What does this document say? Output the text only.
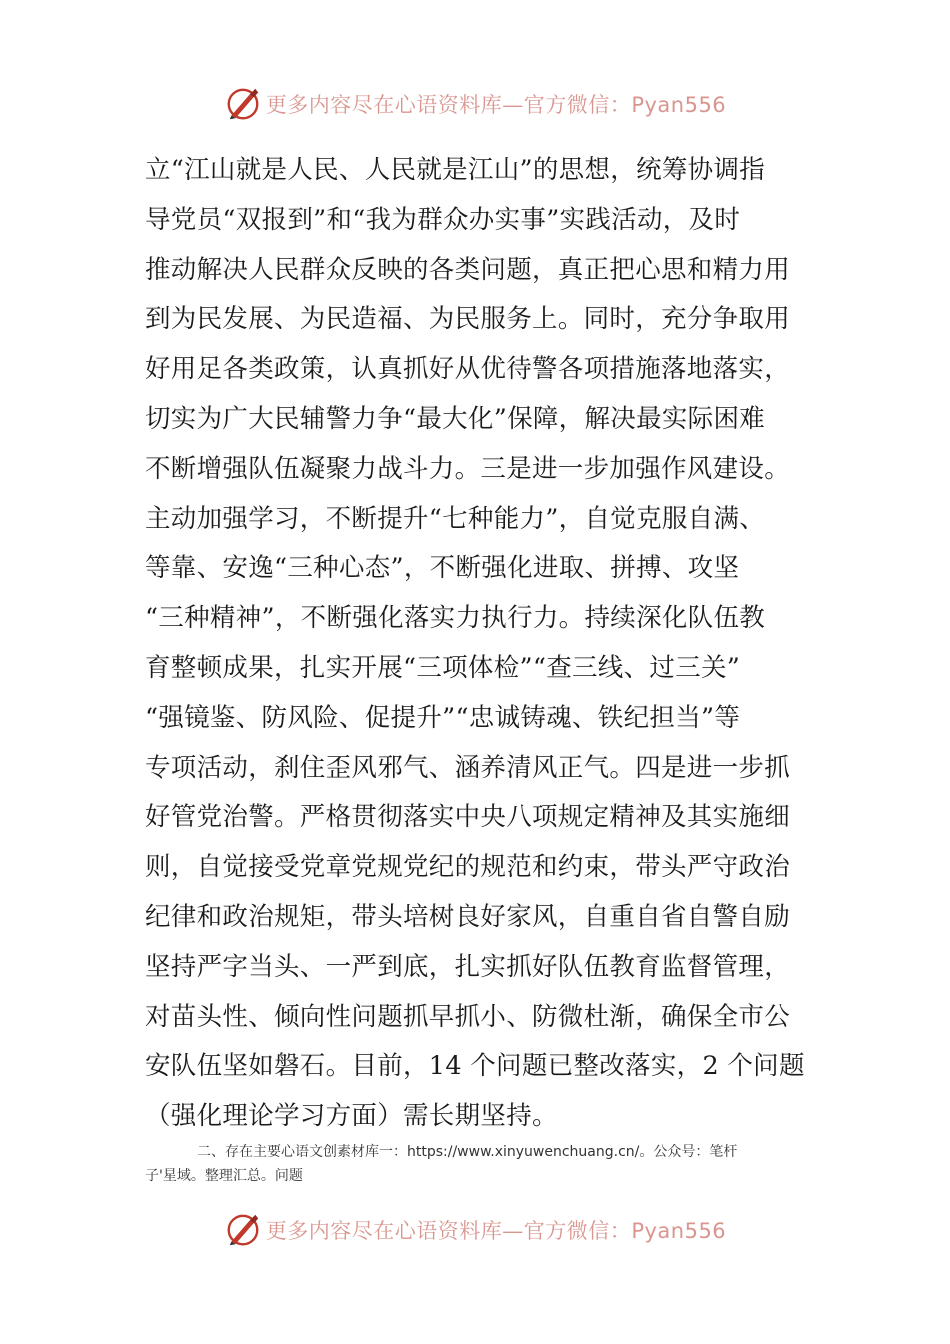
更多内容尽在心语资料库—官方微信：Pyan556
立“江山就是人民、人民就是江山”的思想，统筹协调指
导党员“双报到”和“我为群众办实事”实践活动，及时
推动解决人民群众反映的各类问题，真正把心思和精力用
到为民发展、为民造福、为民服务上。同时，充分争取用
好用足各类政策，认真抓好从优待警各项措施落地落实，
切实为广大民辅警力争“最大化”保障，解决最实际困难
不断增强队伍凝聚力战斗力。三是进一步加强作风建设。
主动加强学习，不断提升“七种能力”，自觉克服自满、
等靠、安逸“三种心态”，不断强化进取、拼搏、攻坚
“三种精神”，不断强化落实力执行力。持续深化队伍教
育整顿成果，扎实开展“三项体检”“查三线、过三关”
“强镜鉴、防风险、促提升”“忠诚铸魂、铁纪担当”等
专项活动，刹住歪风邪气、涵养清风正气。四是进一步抓
好管党治警。严格贯彻落实中央八项规定精神及其实施细
则，自觉接受党章党规党纪的规范和约束，带头严守政治
纪律和政治规矩，带头培树良好家风，自重自省自警自励
坚持严字当头、一严到底，扎实抓好队伍教育监督管理，
对苗头性、倾向性问题抓早抓小、防微杜渐，确保全市公
安队伍坚如磐石。目前，14 个问题已整改落实，2 个问题
（强化理论学习方面）需长期坚持。
二、存在主要心语文创素材库一：https://www.xinyuwenchuang.cn/。公众号：笔杆
子'星域。整理汇总。问题
更多内容尽在心语资料库—官方微信：Pyan556
